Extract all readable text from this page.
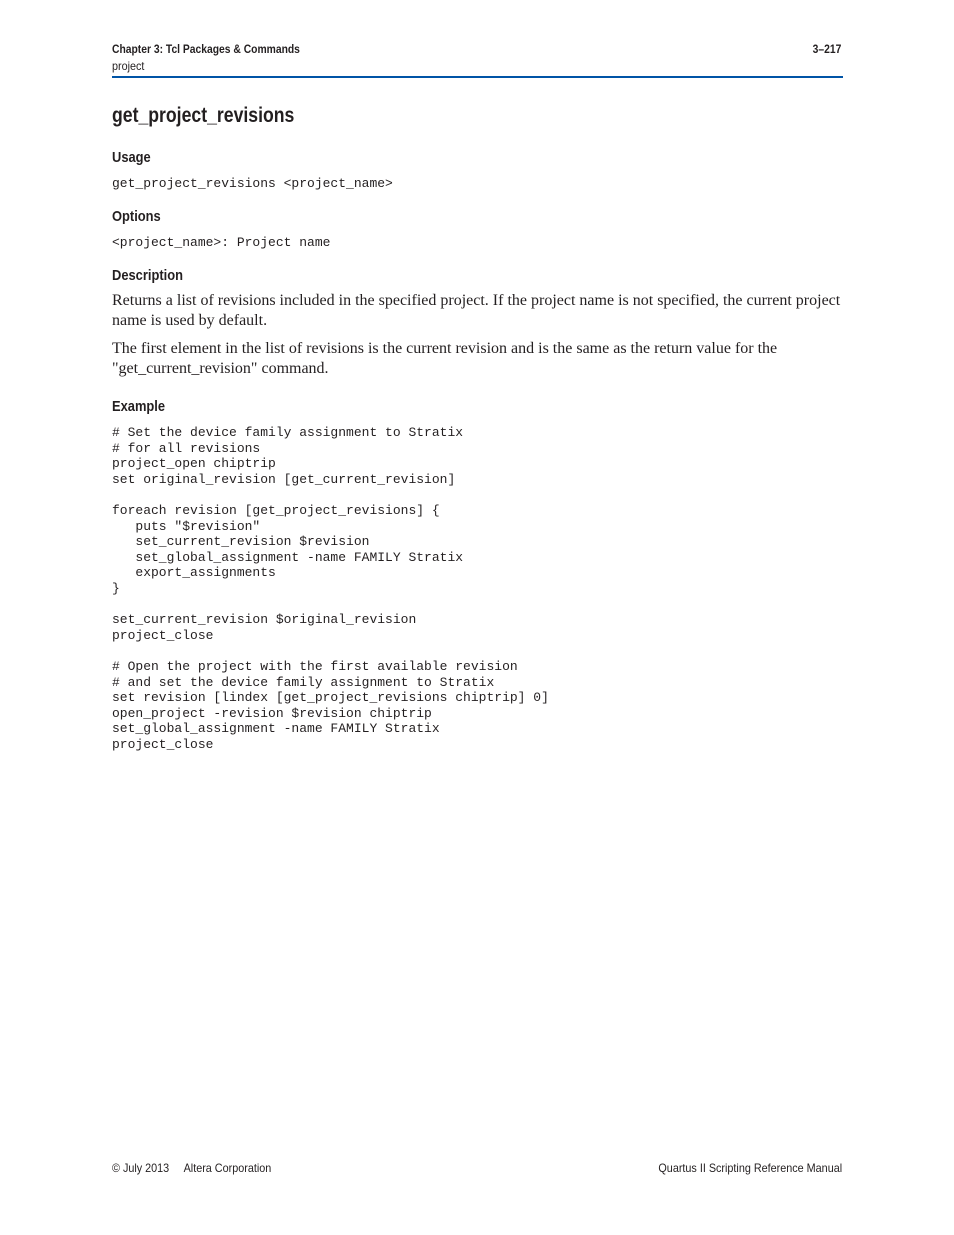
Chapter 3: Tcl Packages & Commands
project
3–217
get_project_revisions
Usage
get_project_revisions <project_name>
Options
<project_name>: Project name
Description

Returns a list of revisions included in the specified project. If the project name is not specified, the current project name is used by default.

The first element in the list of revisions is the current revision and is the same as the return value for the "get_current_revision" command.

Example
# Set the device family assignment to Stratix
# for all revisions
project_open chiptrip
set original_revision [get_current_revision]

foreach revision [get_project_revisions] {
puts "$revision"
set_current_revision $revision
set_global_assignment -name FAMILY Stratix
export_assignments
}

set_current_revision $original_revision
project_close

# Open the project with the first available revision
# and set the device family assignment to Stratix
set revision [lindex [get_project_revisions chiptrip] 0]
open_project -revision $revision chiptrip
set_global_assignment -name FAMILY Stratix
project_close
© July 2013 Altera Corporation	Quartus II Scripting Reference Manual
